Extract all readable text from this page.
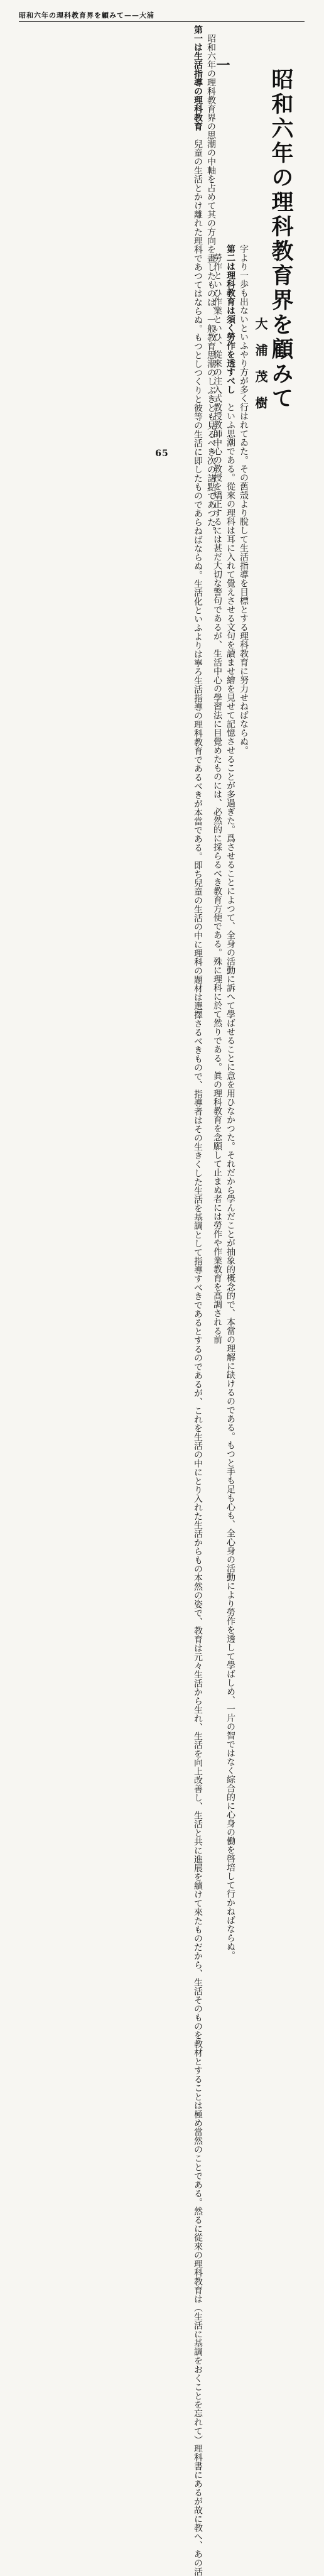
昭和六年の理科教育界を顧みて——大浦
昭和六年の理科教育界を顧みて
大浦茂樹
一

　昭和六年の理科教育界の思潮の中軸を占めて其の方向を畫したものは、一般教育思潮のしぶきとも見るべき次の諸點であつた。

第一は生活指導の理科教育　兒童の生活とかけ離れた理科であつてはならぬ。もつとしつくりと彼等の生活に即したものであらねばならぬ。生活化といふよりは寧ろ生活指導の理科教育であるべきが本當である。即ち兒童の生活の中に理科の題材は選擇さるべきもので、指導者はその生きくした生活を基調として指導すべきであるとするのであるが、これを生活の中にとり入れた生活からもの本然の姿で、教育は元々生活から生れ、生活を向上改善し、生活と共に進展を續けて來たものだから、生活そのものを教材とすることは極め當然のことである。然るに從來の理科教育は（生活に基調をおくことを忘れて）理科書にあるが故に教へ、あの活	字より一歩も出ないといふやり方が多く行はれてゐた。その舊殼より脫して生活指導を目標とする理科教育に努力せねばならぬ。

第二は理科教育は須く勞作を透すべし　といふ思潮である。從來の理科は耳に入れて覺えさせる文句を讀ませ繪を見せて記憶させることが多過ぎた。爲させることによつて、全身の活動に訴へて學ばせることに意を用ひなかつた。それだから學んだことが抽象的概念的で、本當の理解に缺けるのである。もつと手も足も心も、全心身の活動により勞作を透して學ばしめ、一片の智ではなく綜合的に心身の働を啓培して行かねばならぬ。

　勞作といひ作業といひ、從來の注入式教授教師中心の教授を矯正するには甚だ大切な警句であるが、生活中心の學習法に目覺めたものには、必然的に採らるべき教育方便である。殊に理科に於て然りである。眞の理科教育を念願して止まぬ者には勞作や作業教育を高調される前

65
